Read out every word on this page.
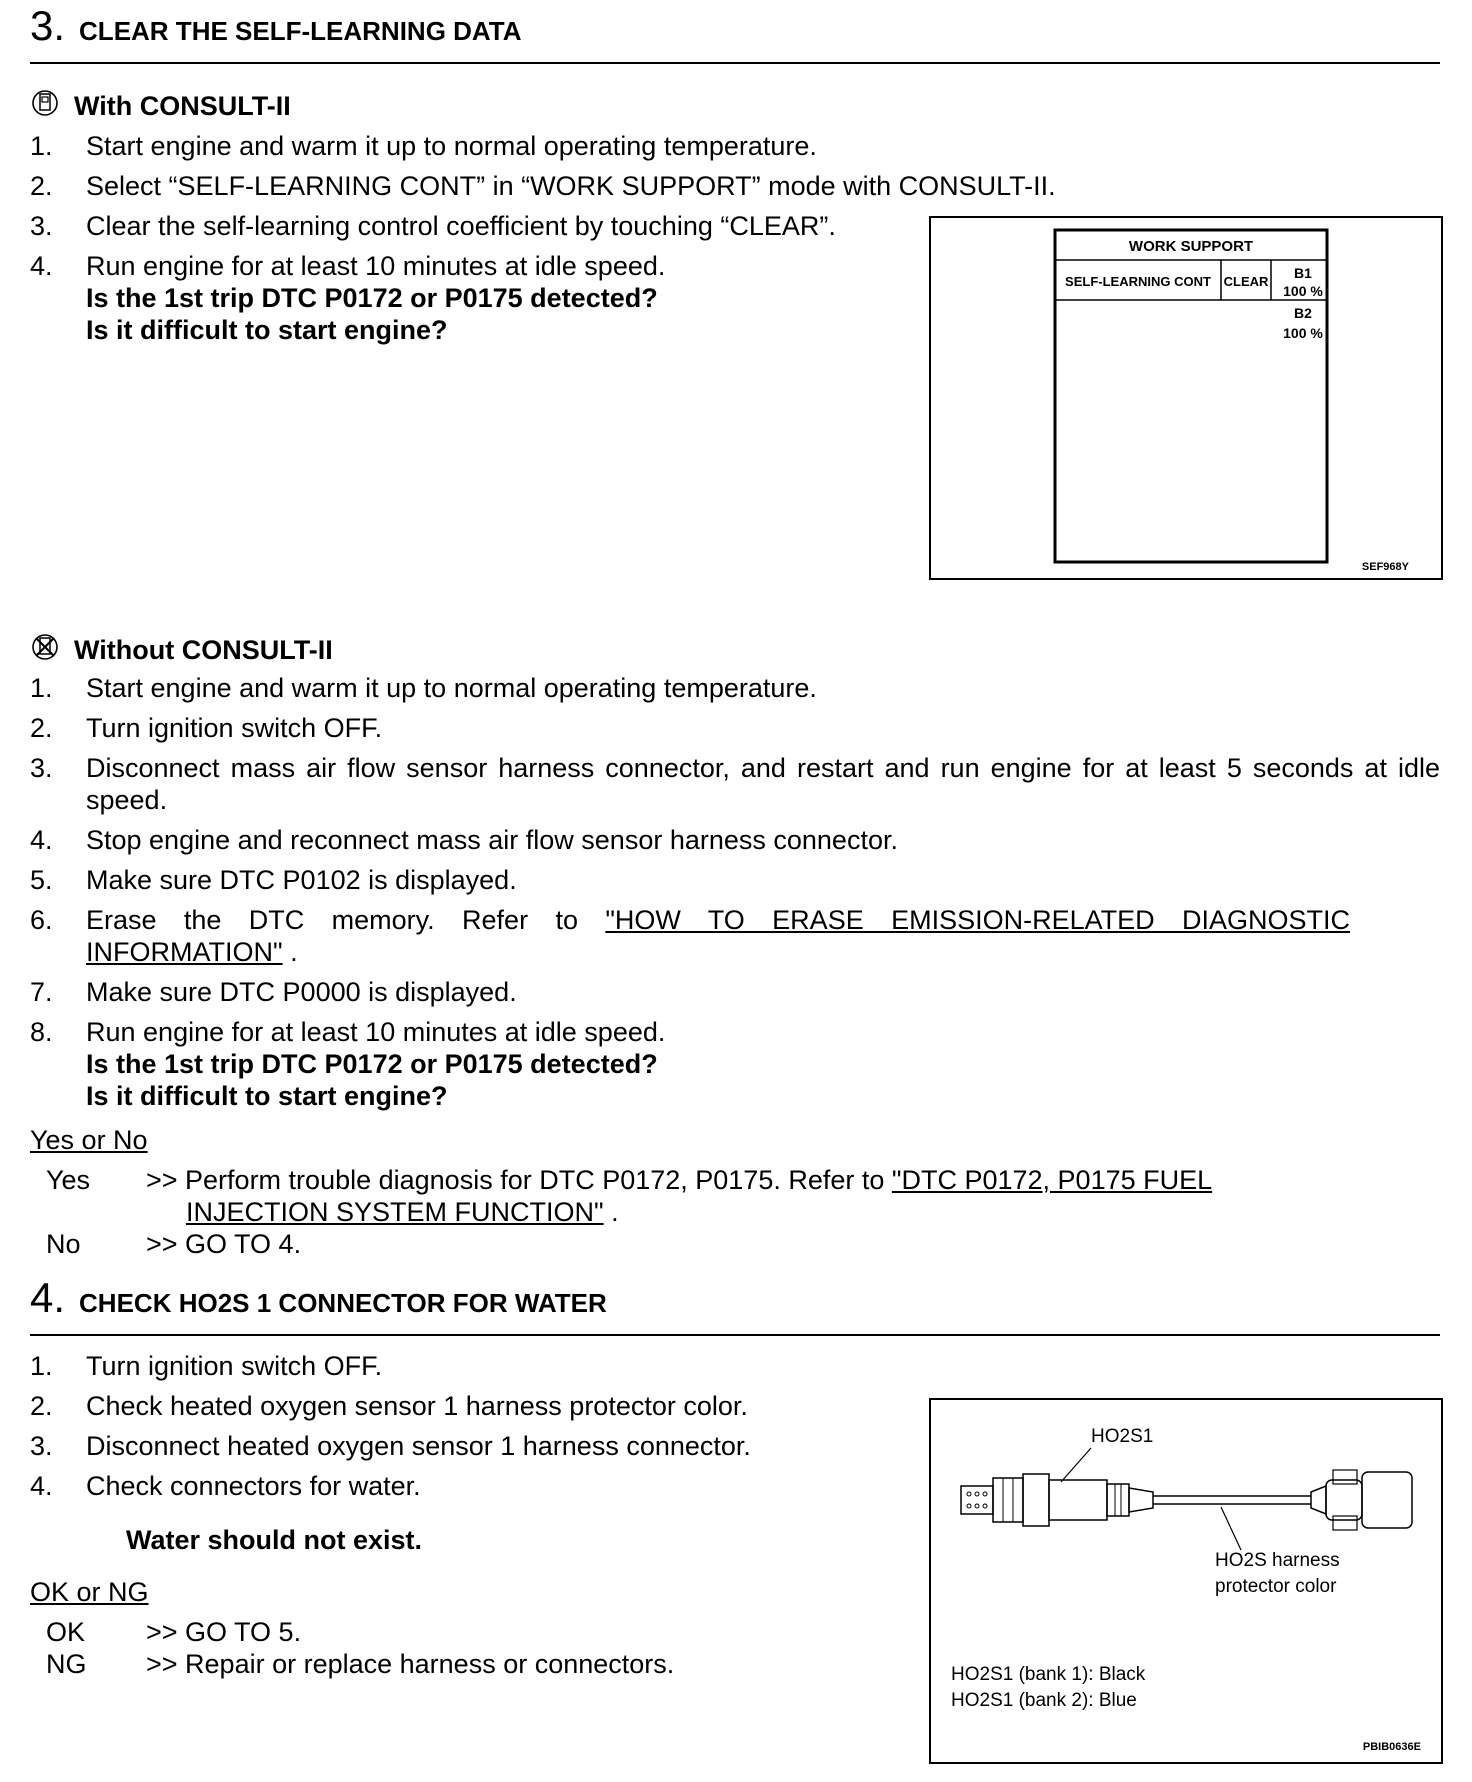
3. CLEAR THE SELF-LEARNING DATA
With CONSULT-II
1.	Start engine and warm it up to normal operating temperature.
2.	Select “SELF-LEARNING CONT” in “WORK SUPPORT” mode with CONSULT-II.
3.	Clear the self-learning control coefficient by touching “CLEAR”.
4.	Run engine for at least 10 minutes at idle speed.
Is the 1st trip DTC P0172 or P0175 detected?
Is it difficult to start engine?
WORK SUPPORT
SELF-LEARNING CONT CLEAR
B1
100 %
B2
100 %
SEF968Y
Without CONSULT-II
1.	Start engine and warm it up to normal operating temperature.
2.	Turn ignition switch OFF.
3.	Disconnect mass air flow sensor harness connector, and restart and run engine for at least 5 seconds at idle speed.
4.	Stop engine and reconnect mass air flow sensor harness connector.
5.	Make sure DTC P0102 is displayed.
6.	Erase the DTC memory. Refer to "HOW TO ERASE EMISSION-RELATED DIAGNOSTIC INFORMATION" .
7.	Make sure DTC P0000 is displayed.
8.	Run engine for at least 10 minutes at idle speed.
Is the 1st trip DTC P0172 or P0175 detected?
Is it difficult to start engine?
Yes or No
Yes	>> Perform trouble diagnosis for DTC P0172, P0175. Refer to "DTC P0172, P0175 FUEL INJECTION SYSTEM FUNCTION" .
No	>> GO TO 4.
4. CHECK HO2S 1 CONNECTOR FOR WATER
1.	Turn ignition switch OFF.
2.	Check heated oxygen sensor 1 harness protector color.
3.	Disconnect heated oxygen sensor 1 harness connector.
4.	Check connectors for water.
Water should not exist.
OK or NG
OK	>> GO TO 5.
NG	>> Repair or replace harness or connectors.
HO2S1
HO2S harness
protector color
HO2S1 (bank 1): Black
HO2S1 (bank 2): Blue
PBIB0636E
